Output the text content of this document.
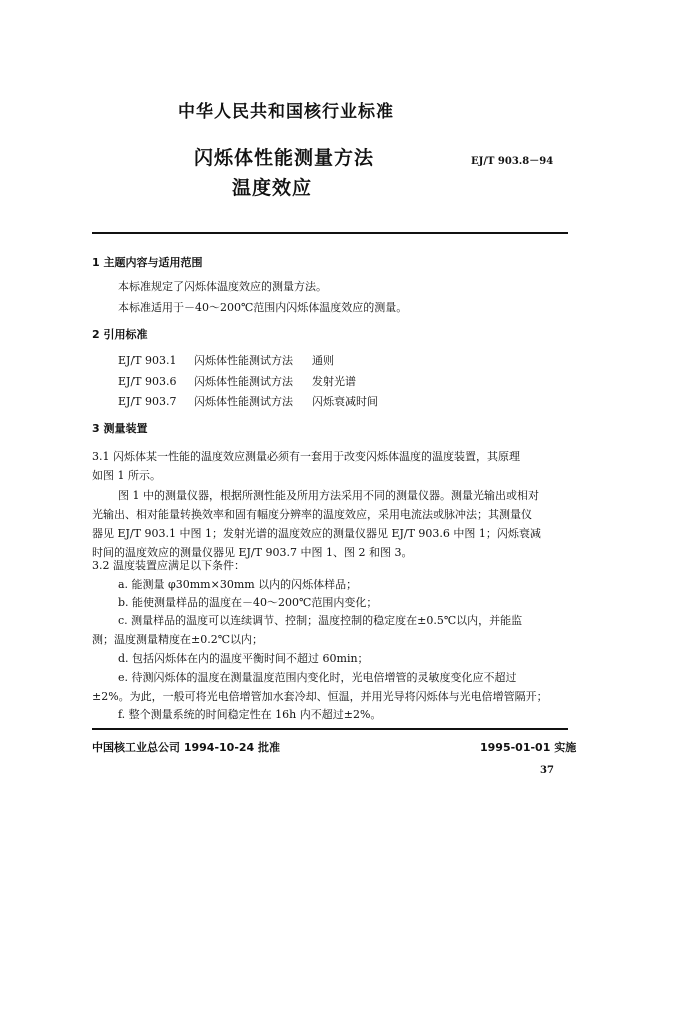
中华人民共和国核行业标准
闪烁体性能测量方法
温度效应
EJ/T 903.8－94
1 主题内容与适用范围
本标准规定了闪烁体温度效应的测量方法。
本标准适用于－40～200℃范围内闪烁体温度效应的测量。
2 引用标准
EJ/T 903.1 闪烁体性能测试方法 通则
EJ/T 903.6 闪烁体性能测试方法 发射光谱
EJ/T 903.7 闪烁体性能测试方法 闪烁衰减时间
3 测量装置
3.1 闪烁体某一性能的温度效应测量必须有一套用于改变闪烁体温度的温度装置，其原理
如图 1 所示。
图 1 中的测量仪器，根据所测性能及所用方法采用不同的测量仪器。测量光输出或相对
光输出、相对能量转换效率和固有幅度分辨率的温度效应，采用电流法或脉冲法；其测量仪
器见 EJ/T 903.1 中图 1；发射光谱的温度效应的测量仪器见 EJ/T 903.6 中图 1；闪烁衰减
时间的温度效应的测量仪器见 EJ/T 903.7 中图 1、图 2 和图 3。
3.2 温度装置应满足以下条件：
a. 能测量 φ30mm×30mm 以内的闪烁体样品；
b. 能使测量样品的温度在－40～200℃范围内变化；
c. 测量样品的温度可以连续调节、控制；温度控制的稳定度在±0.5℃以内，并能监
测；温度测量精度在±0.2℃以内；
d. 包括闪烁体在内的温度平衡时间不超过 60min；
e. 待测闪烁体的温度在测量温度范围内变化时，光电倍增管的灵敏度变化应不超过
±2%。为此，一般可将光电倍增管加水套冷却、恒温，并用光导将闪烁体与光电倍增管隔开；
中国核工业总公司 1994-10-24 批准	1995-01-01 实施
37
f. 整个测量系统的时间稳定性在 16h 内不超过±2%。
